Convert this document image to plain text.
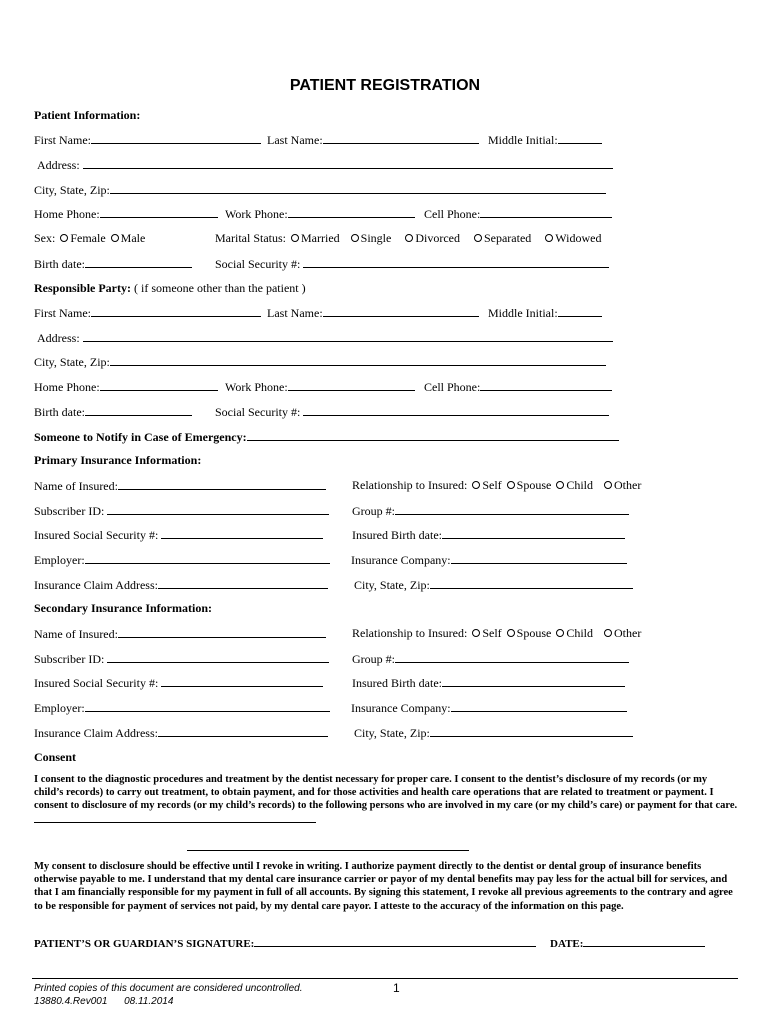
PATIENT REGISTRATION
Patient Information:
First Name:	Last Name:	Middle Initial:
Address:
City, State, Zip:
Home Phone:	Work Phone:	Cell Phone:
Sex: Female Male	Marital Status: Married Single Divorced Separated Widowed
Birth date:	Social Security #:
Responsible Party: ( if someone other than the patient )
First Name:	Last Name:	Middle Initial:
Address:
City, State, Zip:
Home Phone:	Work Phone:	Cell Phone:
Birth date:	Social Security #:
Someone to Notify in Case of Emergency:
Primary Insurance Information:
Name of Insured:	Relationship to Insured: Self Spouse Child Other
Subscriber ID:	Group #:
Insured Social Security #:	Insured Birth date:
Employer:	Insurance Company:
Insurance Claim Address:	City, State, Zip:
Secondary Insurance Information:
Name of Insured:	Relationship to Insured: Self Spouse Child Other
Subscriber ID:	Group #:
Insured Social Security #:	Insured Birth date:
Employer:	Insurance Company:
Insurance Claim Address:	City, State, Zip:
Consent
I consent to the diagnostic procedures and treatment by the dentist necessary for proper care. I consent to the dentist’s disclosure of my records (or my child’s records) to carry out treatment, to obtain payment, and for those activities and health care operations that are related to treatment or payment. I consent to disclosure of my records (or my child’s records) to the following persons who are involved in my care (or my child’s care) or payment for that care.
My consent to disclosure should be effective until I revoke in writing. I authorize payment directly to the dentist or dental group of insurance benefits otherwise payable to me. I understand that my dental care insurance carrier or payor of my dental benefits may pay less for the actual bill for services, and that I am financially responsible for my payment in full of all accounts. By signing this statement, I revoke all previous agreements to the contrary and agree to be responsible for payment of services not paid, by my dental care payor. I atteste to the accuracy of the information on this page.
PATIENT’S OR GUARDIAN’S SIGNATURE:	DATE:
Printed copies of this document are considered uncontrolled.
13880.4.Rev001 08.11.2014
1
